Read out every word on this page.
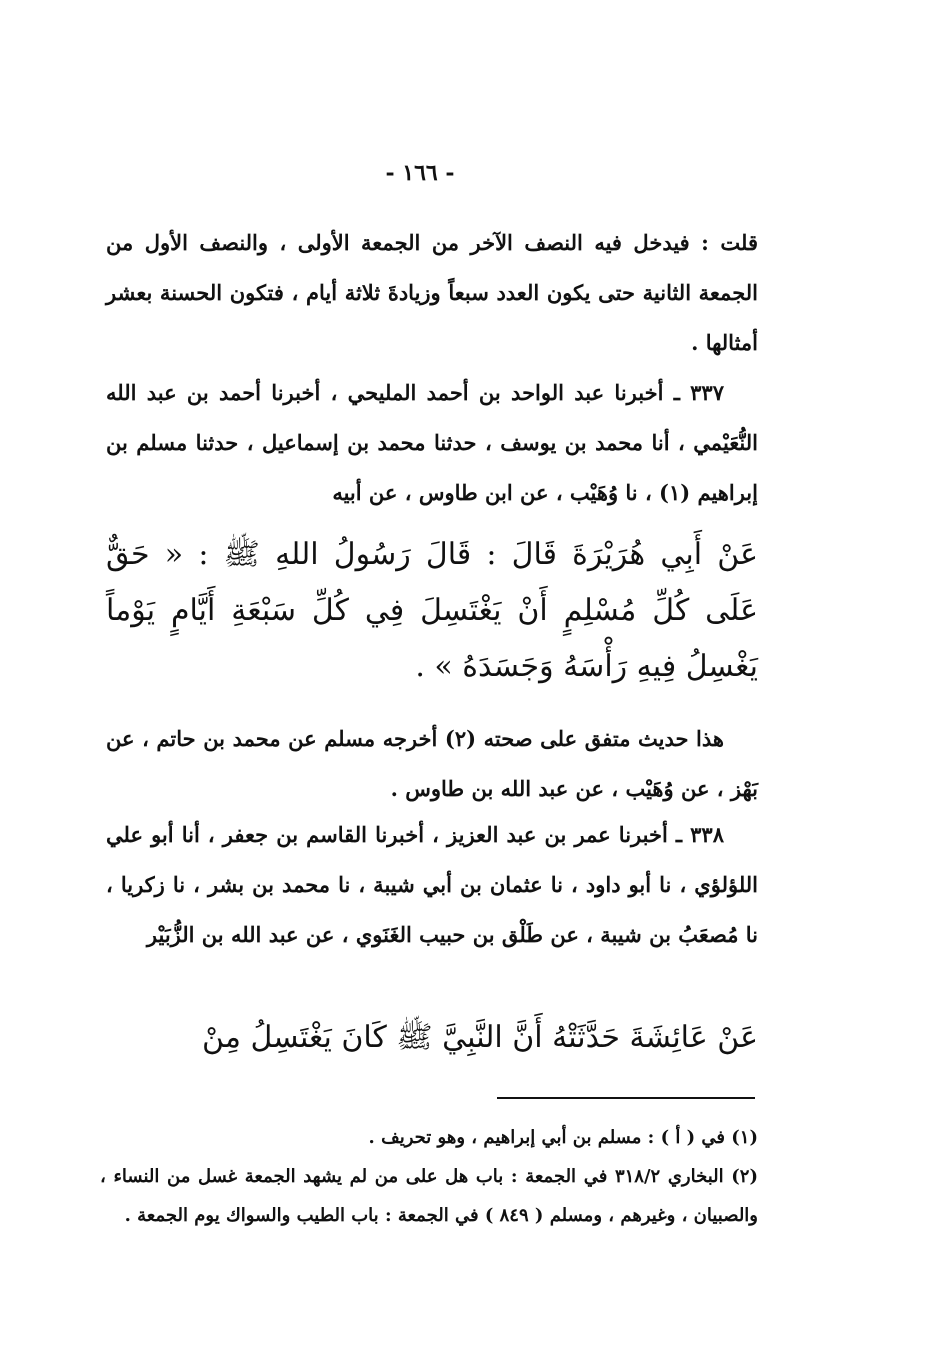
- ١٦٦ -

قلت : فيدخل فيه النصف الآخر من الجمعة الأولى ، والنصف الأول من الجمعة الثانية حتى يكون العدد سبعاً وزيادةَ ثلاثة أيام ، فتكون الحسنة بعشر أمثالها .

٣٣٧ ـ أخبرنا عبد الواحد بن أحمد المليحي ، أخبرنا أحمد بن عبد الله النُّعَيْمي ، أنا محمد بن يوسف ، حدثنا محمد بن إسماعيل ، حدثنا مسلم بن إبراهيم (١) ، نا وُهَيْب ، عن ابن طاوس ، عن أبيه

عَنْ أَبِي هُرَيْرَةَ قَالَ : قَالَ رَسُولُ اللهِ ﷺ : « حَقٌّ عَلَى كُلِّ مُسْلِمٍ أَنْ يَغْتَسِلَ فِي كُلِّ سَبْعَةِ أَيَّامٍ يَوْماً يَغْسِلُ فِيهِ رَأْسَهُ وَجَسَدَهُ » .

هذا حديث متفق على صحته (٢) أخرجه مسلم عن محمد بن حاتم ، عن بَهْز ، عن وُهَيْب ، عن عبد الله بن طاوس .

٣٣٨ ـ أخبرنا عمر بن عبد العزيز ، أخبرنا القاسم بن جعفر ، أنا أبو علي اللؤلؤي ، نا أبو داود ، نا عثمان بن أبي شيبة ، نا محمد بن بشر ، نا زكريا ، نا مُصعَبُ بن شيبة ، عن طَلْق بن حبيب الغَنَوي ، عن عبد الله بن الزُّبَيْر

عَنْ عَائِشَةَ حَدَّثَتْهُ أَنَّ النَّبِيَّ ﷺ كَانَ يَغْتَسِلُ مِنْ

(١) في ( أ ) : مسلم بن أبي إبراهيم ، وهو تحريف .

(٢) البخاري ٣١٨/٢ في الجمعة : باب هل على من لم يشهد الجمعة غسل من النساء ، والصبيان ، وغيرهم ، ومسلم ( ٨٤٩ ) في الجمعة : باب الطيب والسواك يوم الجمعة .
